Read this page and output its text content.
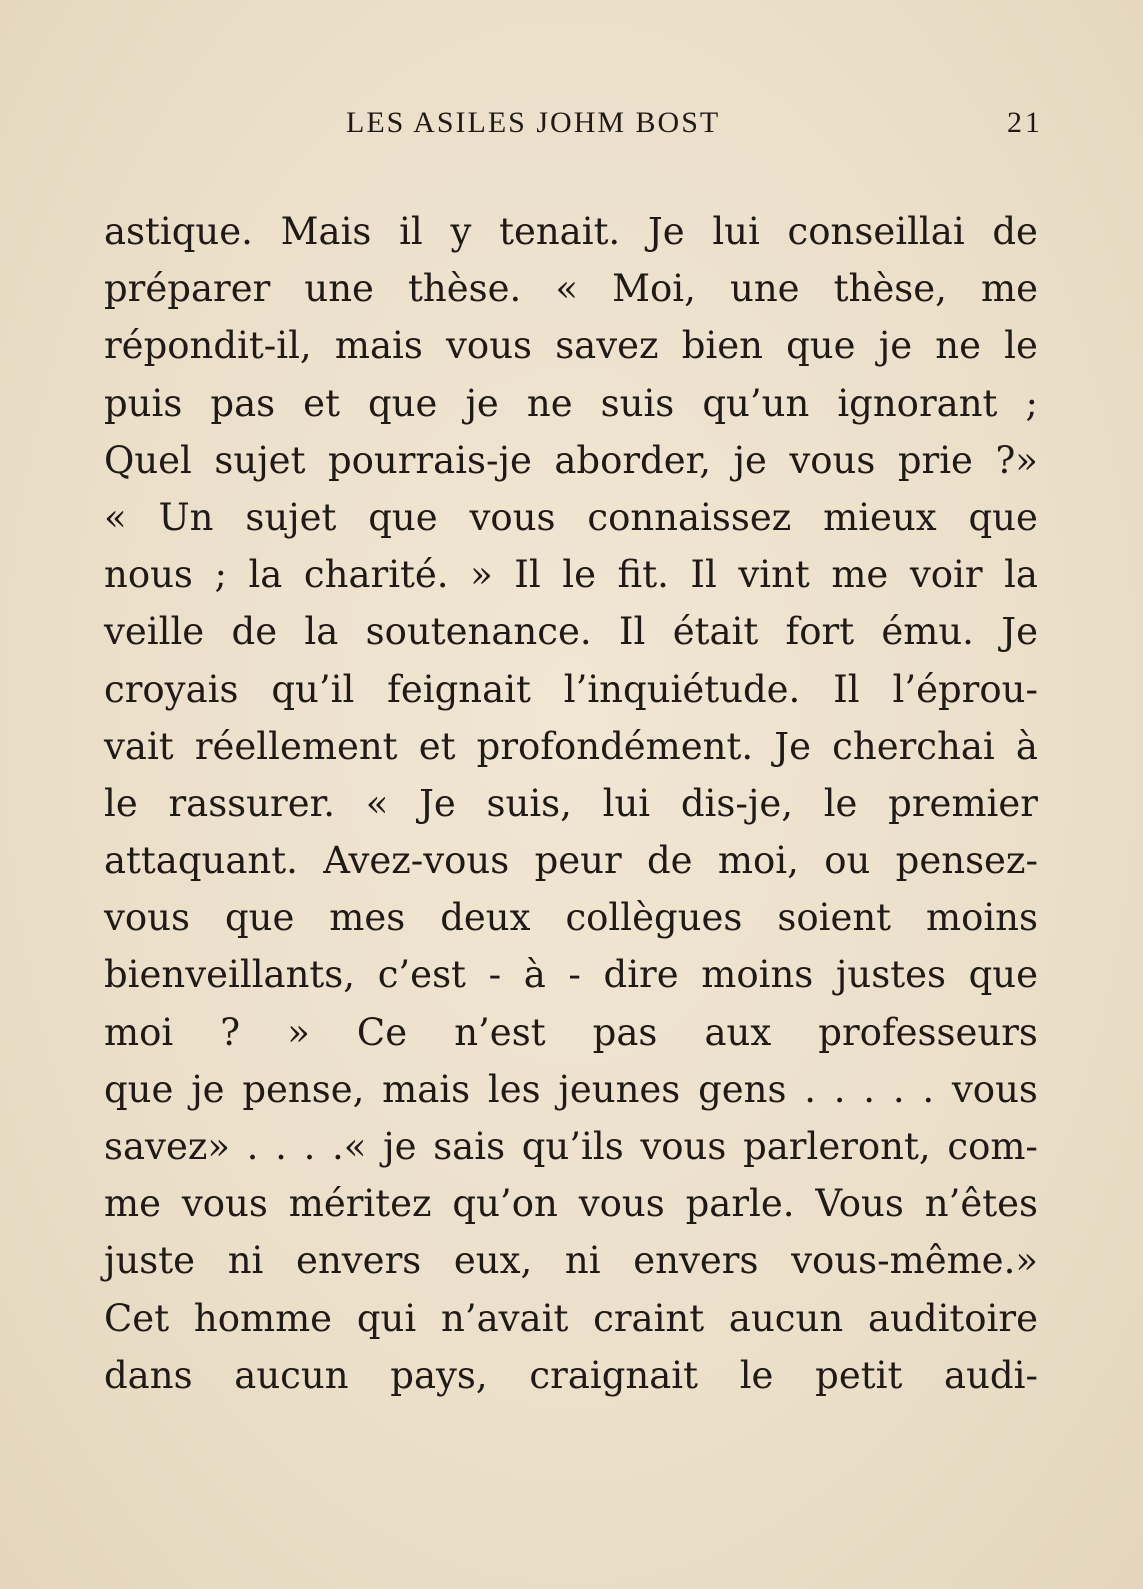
LES ASILES JOHM BOST	21
astique. Mais il y tenait. Je lui conseillai de
préparer une thèse. « Moi, une thèse, me
répondit-il, mais vous savez bien que je ne le
puis pas et que je ne suis qu’un ignorant ;
Quel sujet pourrais-je aborder, je vous prie ?»
« Un sujet que vous connaissez mieux que
nous ; la charité. » Il le fit. Il vint me voir la
veille de la soutenance. Il était fort ému. Je
croyais qu’il feignait l’inquiétude. Il l’éprou-
vait réellement et profondément. Je cherchai à
le rassurer. « Je suis, lui dis-je, le premier
attaquant. Avez-vous peur de moi, ou pensez-
vous que mes deux collègues soient moins
bienveillants, c’est - à - dire moins justes que
moi ? » Ce n’est pas aux professeurs
que je pense, mais les jeunes gens . . . . . vous
savez» . . . .« je sais qu’ils vous parleront, com-
me vous méritez qu’on vous parle. Vous n’êtes
juste ni envers eux, ni envers vous-même.»
Cet homme qui n’avait craint aucun auditoire
dans aucun pays, craignait le petit audi-
